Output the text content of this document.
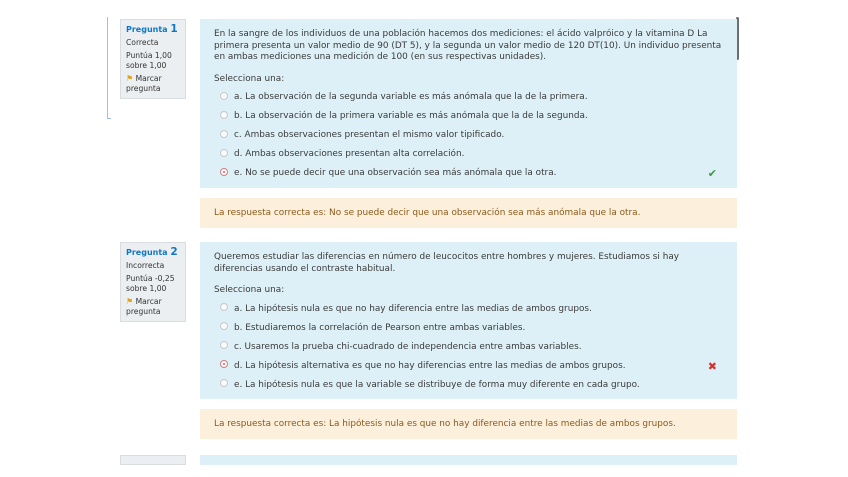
Pregunta 1
Correcta
Puntúa 1,00 sobre 1,00
⚑ Marcar pregunta

En la sangre de los individuos de una población hacemos dos mediciones: el ácido valpróico y la vitamina D La primera presenta un valor medio de 90 (DT 5), y la segunda un valor medio de 120 DT(10). Un individuo presenta en ambas mediciones una medición de 100 (en sus respectivas unidades).

Selecciona una:

a. La observación de la segunda variable es más anómala que la de la primera.
b. La observación de la primera variable es más anómala que la de la segunda.
c. Ambas observaciones presentan el mismo valor tipificado.
d. Ambas observaciones presentan alta correlación.
e. No se puede decir que una observación sea más anómala que la otra.	✔
La respuesta correcta es: No se puede decir que una observación sea más anómala que la otra.
Pregunta 2
Incorrecta
Puntúa -0,25 sobre 1,00
⚑ Marcar pregunta

Queremos estudiar las diferencias en número de leucocitos entre hombres y mujeres. Estudiamos si hay diferencias usando el contraste habitual.

Selecciona una:

a. La hipótesis nula es que no hay diferencia entre las medias de ambos grupos.
b. Estudiaremos la correlación de Pearson entre ambas variables.
c. Usaremos la prueba chi-cuadrado de independencia entre ambas variables.
d. La hipótesis alternativa es que no hay diferencias entre las medias de ambos grupos.	✖
e. La hipótesis nula es que la variable se distribuye de forma muy diferente en cada grupo.
La respuesta correcta es: La hipótesis nula es que no hay diferencia entre las medias de ambos grupos.
